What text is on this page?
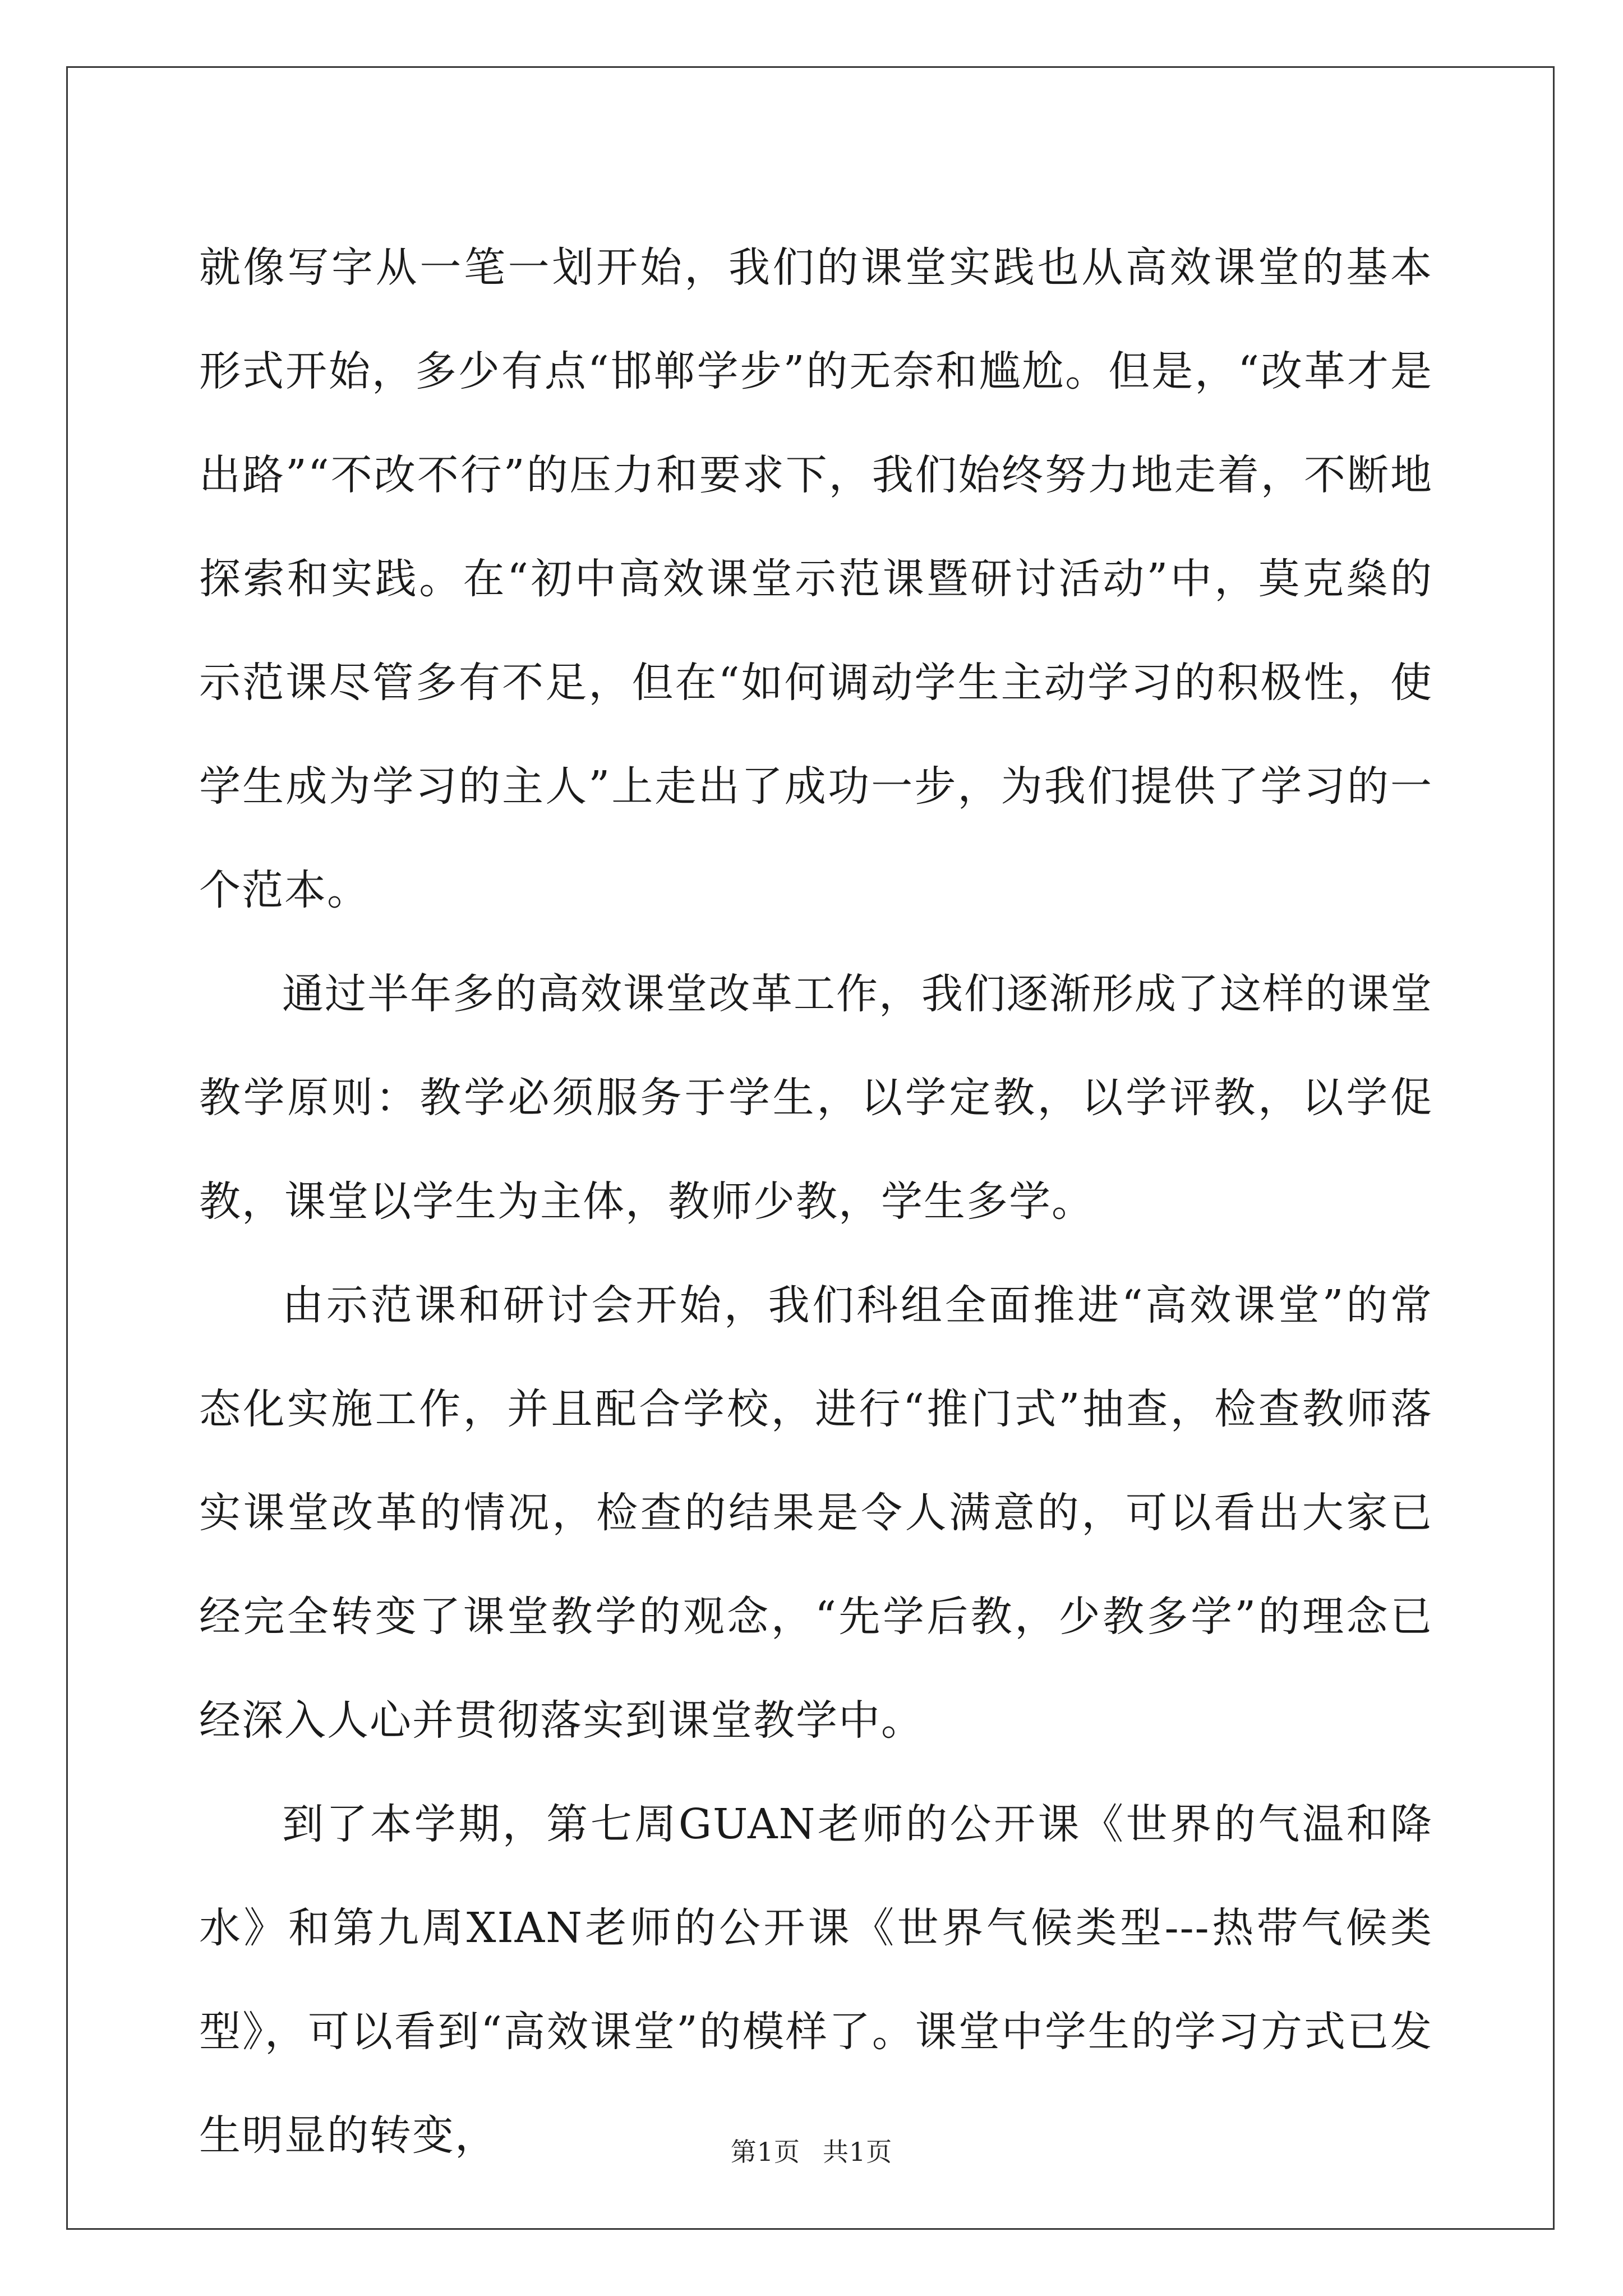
就像写字从一笔一划开始，我们的课堂实践也从高效课堂的基本形式开始，多少有点“邯郸学步”的无奈和尴尬。但是，“改革才是出路”“不改不行”的压力和要求下，我们始终努力地走着，不断地探索和实践。在“初中高效课堂示范课暨研讨活动”中，莫克燊的示范课尽管多有不足，但在“如何调动学生主动学习的积极性，使学生成为学习的主人”上走出了成功一步，为我们提供了学习的一个范本。

通过半年多的高效课堂改革工作，我们逐渐形成了这样的课堂教学原则：教学必须服务于学生，以学定教，以学评教，以学促教，课堂以学生为主体，教师少教，学生多学。

由示范课和研讨会开始，我们科组全面推进“高效课堂”的常态化实施工作，并且配合学校，进行“推门式”抽查，检查教师落实课堂改革的情况，检查的结果是令人满意的，可以看出大家已经完全转变了课堂教学的观念，“先学后教，少教多学”的理念已经深入人心并贯彻落实到课堂教学中。

到了本学期，第七周GUAN老师的公开课《世界的气温和降水》和第九周XIAN老师的公开课《世界气候类型---热带气候类型》，可以看到“高效课堂”的模样了。课堂中学生的学习方式已发生明显的转变，	第1页 共1页
